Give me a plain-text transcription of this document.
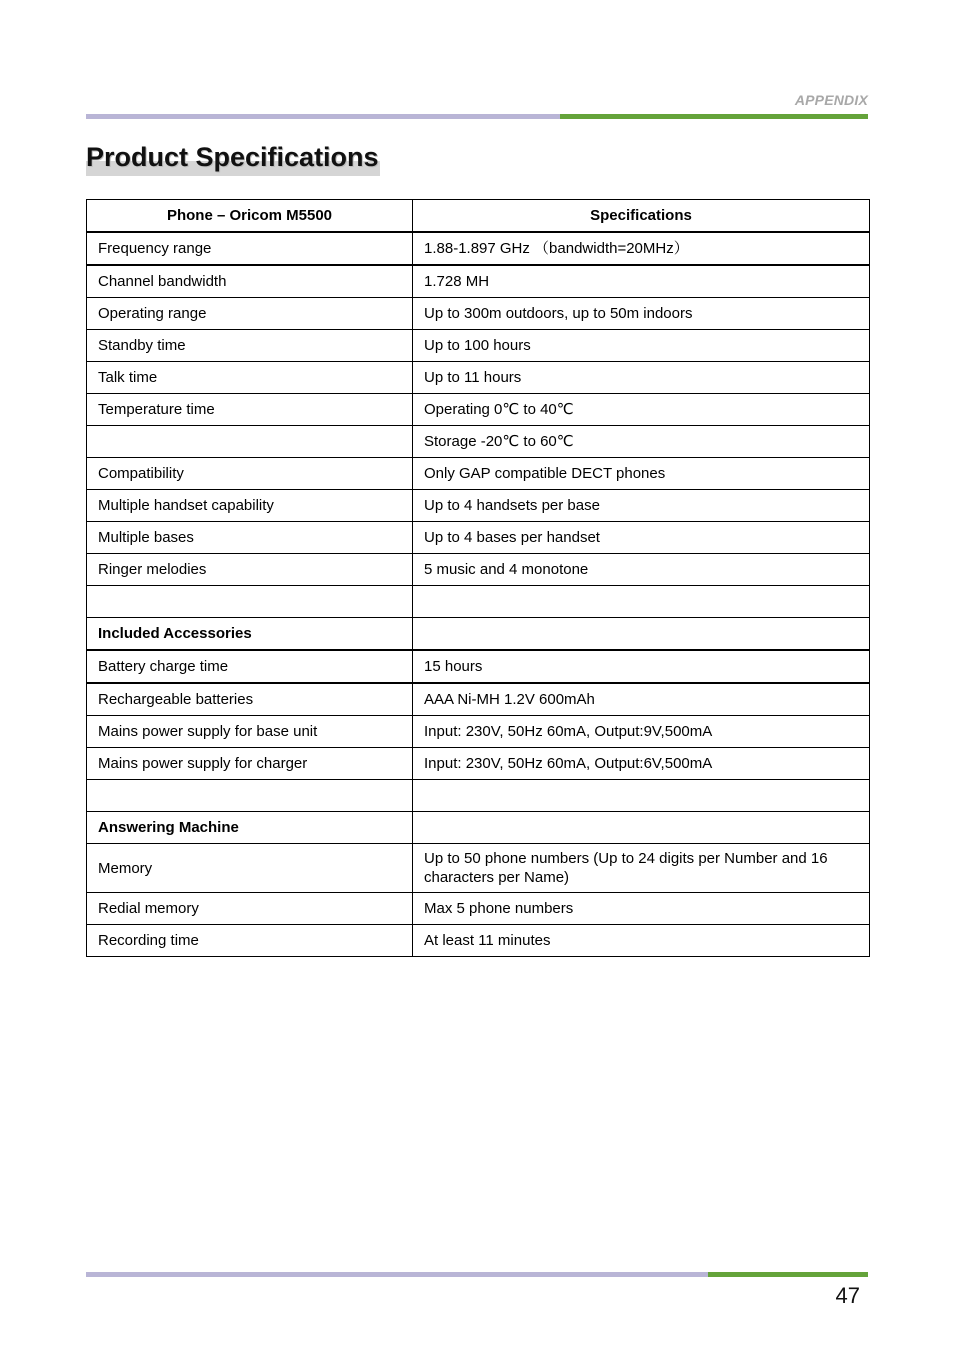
APPENDIX
Product Specifications
Phone – Oricom M5500	Specifications
Frequency range	1.88-1.897 GHz （bandwidth=20MHz）
Channel bandwidth	1.728 MH
Operating range	Up to 300m outdoors, up to 50m indoors
Standby time	Up to 100 hours
Talk time	Up to 11 hours
Temperature time	Operating 0℃ to 40℃
	Storage -20℃ to 60℃
Compatibility	Only GAP compatible DECT phones
Multiple handset capability	Up to 4 handsets per base
Multiple bases	Up to 4 bases per handset
Ringer melodies	5 music and 4 monotone

Included Accessories	
Battery charge time	15 hours
Rechargeable batteries	AAA Ni-MH 1.2V 600mAh
Mains power supply for base unit	Input: 230V, 50Hz 60mA, Output:9V,500mA
Mains power supply for charger	Input: 230V, 50Hz 60mA, Output:6V,500mA

Answering Machine	
Memory	Up to 50 phone numbers (Up to 24 digits per Number and 16 characters per Name)
Redial memory	Max 5 phone numbers
Recording time	At least 11 minutes
47
